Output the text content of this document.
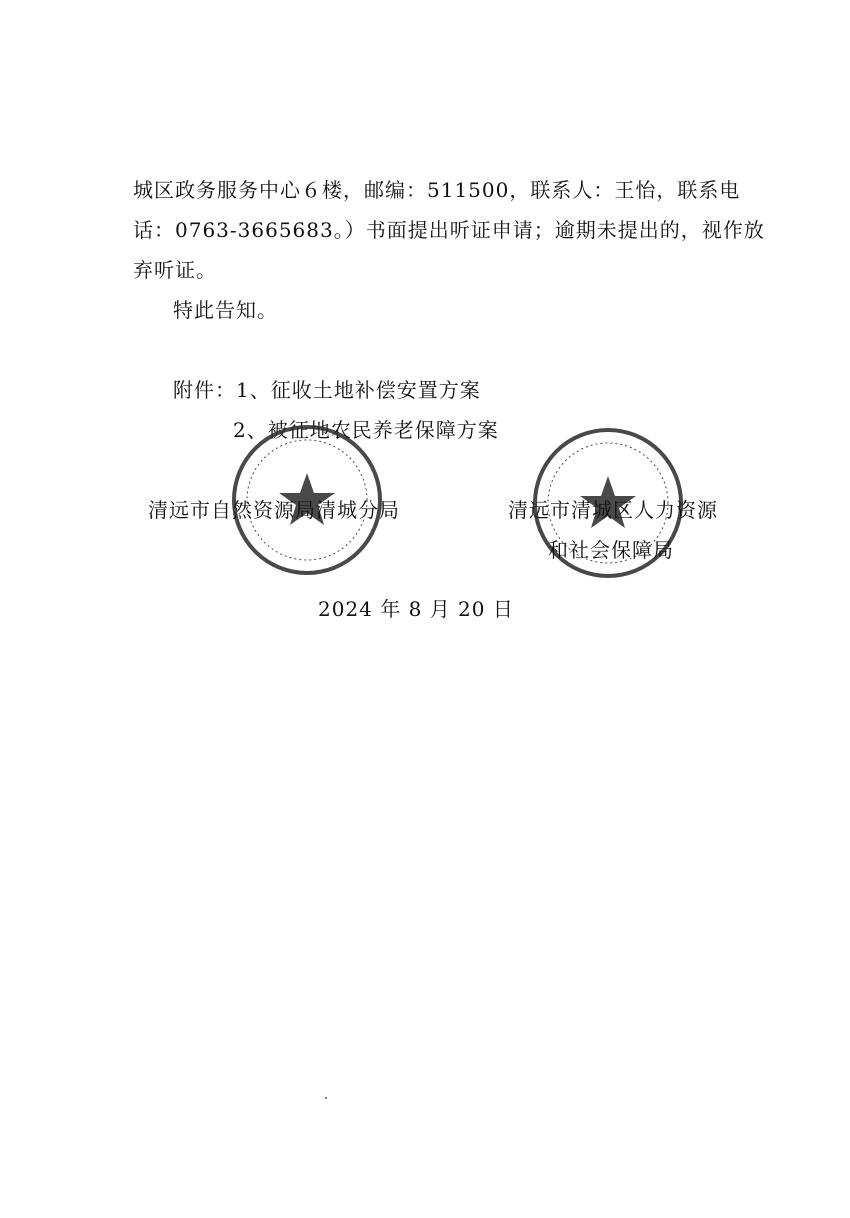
城区政务服务中心６楼，邮编：511500，联系人：王怡，联系电
话：0763-3665683。）书面提出听证申请；逾期未提出的，视作放
弃听证。
特此告知。
附件：1、征收土地补偿安置方案
2、被征地农民养老保障方案
清远市自然资源局清城分局	清远市清城区人力资源
和社会保障局
2024 年 8 月 20 日
